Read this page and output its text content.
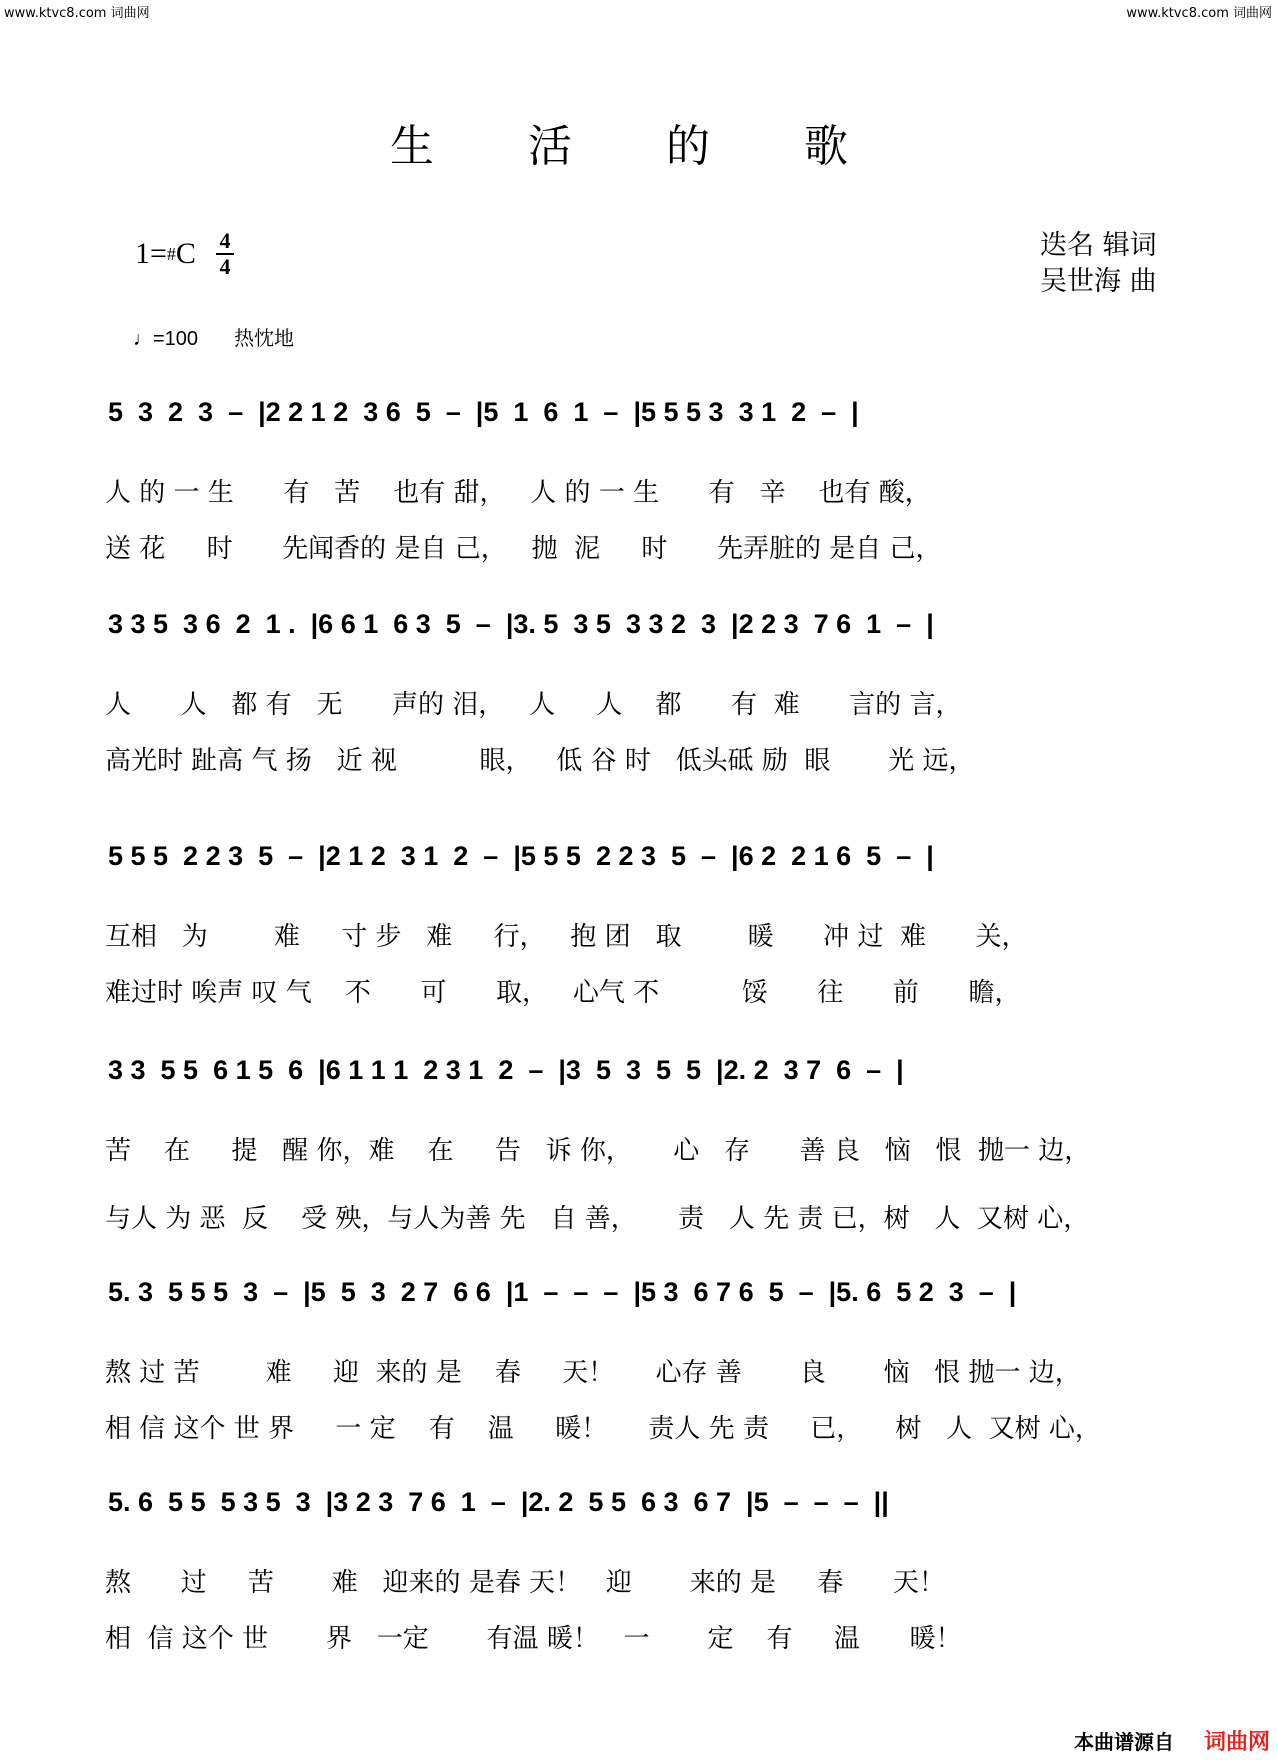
www.ktvc8.com 词曲网	www.ktvc8.com 词曲网
生 活 的 歌
1= # C 4
4
迭名 辑词
吴世海 曲
♩=100 热忱地
5  3  2  3  –  |2 2 1 2  3 6  5  –  |5  1  6  1  –  |5 5 5 3  3 1  2  –  |
人 的 一 生      有   苦    也有 甜，   人 的 一 生      有   辛    也有 酸，
送 花     时      先闻香的 是自 己，   抛  泥     时      先弄脏的 是自 己，
3 3 5  3 6  2  1 .  |6 6 1  6 3  5  –  |3. 5  3 5  3 3 2  3  |2 2 3  7 6  1  –  |
人      人   都 有   无      声的 泪，   人     人    都      有  难      言的 言，
高光时 趾高 气 扬   近 视          眼，   低 谷 时   低头砥 励  眼       光 远，
5 5 5  2 2 3  5  –  |2 1 2  3 1  2  –  |5 5 5  2 2 3  5  –  |6 2  2 1 6  5  –  |
互相   为        难     寸 步   难     行，   抱 团   取        暖      冲 过  难      关，
难过时 唉声 叹 气    不      可      取，   心气 不          馁      往      前      瞻，
3 3  5 5  6 1 5  6  |6 1 1 1  2 3 1  2  –  |3  5  3  5  5  |2. 2  3 7  6  –  |
苦    在     提   醒 你，难    在     告   诉 你，     心   存      善 良   恼   恨  抛一 边，
与人 为 恶  反    受 殃，与人为善 先   自 善，     责   人 先 责 已，树   人  又树 心，
5. 3  5 5 5  3  –  |5  5  3  2 7  6 6  |1  –  –  –  |5 3  6 7 6  5  –  |5. 6  5 2  3  –  |
熬 过 苦        难     迎  来的 是    春     天！     心存 善       良       恼   恨 抛一 边，
相 信 这个 世 界     一 定    有    温     暖！     责人 先 责     已，    树   人  又树 心，
5. 6  5 5  5 3 5  3  |3 2 3  7 6  1  –  |2. 2  5 5  6 3  6 7  |5  –  –  –  ||
熬      过     苦       难   迎来的 是春 天！   迎       来的 是     春      天！
相  信 这个 世       界   一定       有温 暖！   一       定    有     温      暖！
本曲谱源自 词曲网
